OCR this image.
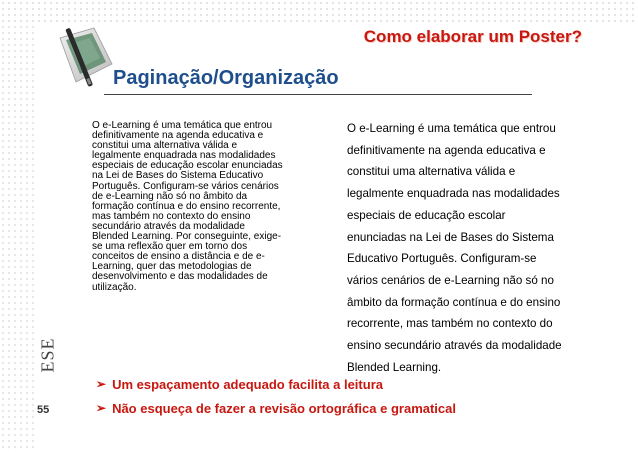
Como elaborar um Poster?
Paginação/Organização
O e-Learning é uma temática que entrou definitivamente na agenda educativa e constitui uma alternativa válida e legalmente enquadrada nas modalidades especiais de educação escolar enunciadas na Lei de Bases do Sistema Educativo Português. Configuram-se vários cenários de e-Learning não só no âmbito da formação contínua e do ensino recorrente, mas também no contexto do ensino secundário através da modalidade Blended Learning. Por conseguinte, exige-se uma reflexão quer em torno dos conceitos de ensino a distância e de e-Learning, quer das metodologias de desenvolvimento e das modalidades de utilização.
O e-Learning é uma temática que entrou
definitivamente na agenda educativa e
constitui uma alternativa válida e
legalmente enquadrada nas modalidades
especiais de educação escolar
enunciadas na Lei de Bases do Sistema
Educativo Português. Configuram-se
vários cenários de e-Learning não só no
âmbito da formação contínua e do ensino
recorrente, mas também no contexto do
ensino secundário através da modalidade
Blended Learning.
ESE
55
➢ Um espaçamento adequado facilita a leitura
➢ Não esqueça de fazer a revisão ortográfica e gramatical
